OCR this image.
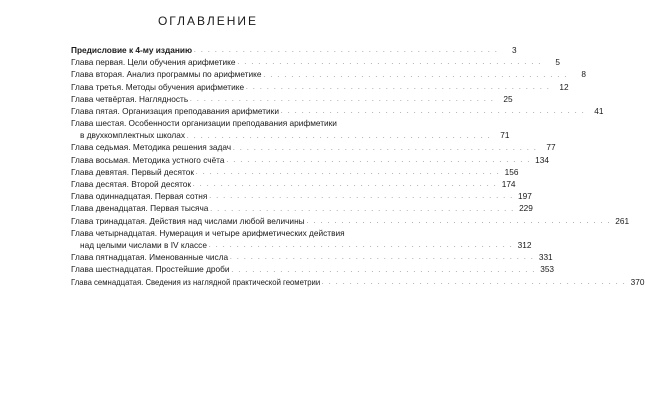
ОГЛАВЛЕНИЕ
Предисловие к 4-му изданию . . . . . . . . . . . . . . . . . . . . . . . . . . . . . . . . . . . . . . . . . . . .	3
Глава первая. Цели обучения арифметике . . . . . . . . . . . . . . . . . . . . . . . . . . . . . . . . . . . . . . . . . . . .	5
Глава вторая. Анализ программы по арифметике . . . . . . . . . . . . . . . . . . . . . . . . . . . . . . . . . . . . . . . . . . . .	8
Глава третья. Методы обучения арифметике . . . . . . . . . . . . . . . . . . . . . . . . . . . . . . . . . . . . . . . . . . . .	12
Глава четвёртая. Наглядность . . . . . . . . . . . . . . . . . . . . . . . . . . . . . . . . . . . . . . . . . . . .	25
Глава пятая. Организация преподавания арифметики . . . . . . . . . . . . . . . . . . . . . . . . . . . . . . . . . . . . . . . . . . . .	41
Глава шестая. Особенности организации преподавания арифметики
в двухкомплектных школах . . . . . . . . . . . . . . . . . . . . . . . . . . . . . . . . . . . . . . . . . . . .	71
Глава седьмая. Методика решения задач . . . . . . . . . . . . . . . . . . . . . . . . . . . . . . . . . . . . . . . . . . . .	77
Глава восьмая. Методика устного счёта . . . . . . . . . . . . . . . . . . . . . . . . . . . . . . . . . . . . . . . . . . . . 134
Глава девятая. Первый десяток . . . . . . . . . . . . . . . . . . . . . . . . . . . . . . . . . . . . . . . . . . . . 156
Глава десятая. Второй десяток . . . . . . . . . . . . . . . . . . . . . . . . . . . . . . . . . . . . . . . . . . . . 174
Глава одиннадцатая. Первая сотня . . . . . . . . . . . . . . . . . . . . . . . . . . . . . . . . . . . . . . . . . . . . 197
Глава двенадцатая. Первая тысяча . . . . . . . . . . . . . . . . . . . . . . . . . . . . . . . . . . . . . . . . . . . . 229
Глава тринадцатая. Действия над числами любой величины . . . . . . . . . . . . . . . . . . . . . . . . . . . . . . . . . . . . . . . . . . . . 261
Глава четырнадцатая. Нумерация и четыре арифметических действия
над целыми числами в IV классе . . . . . . . . . . . . . . . . . . . . . . . . . . . . . . . . . . . . . . . . . . . . 312
Глава пятнадцатая. Именованные числа . . . . . . . . . . . . . . . . . . . . . . . . . . . . . . . . . . . . . . . . . . . . 331
Глава шестнадцатая. Простейшие дроби . . . . . . . . . . . . . . . . . . . . . . . . . . . . . . . . . . . . . . . . . . . . 353
Глава семнадцатая. Сведения из наглядной практической геометрии . . . . . . . . . . . . . . . . . . . . . . . . . . . . . . . . . . . . . . . . . . . . 370
